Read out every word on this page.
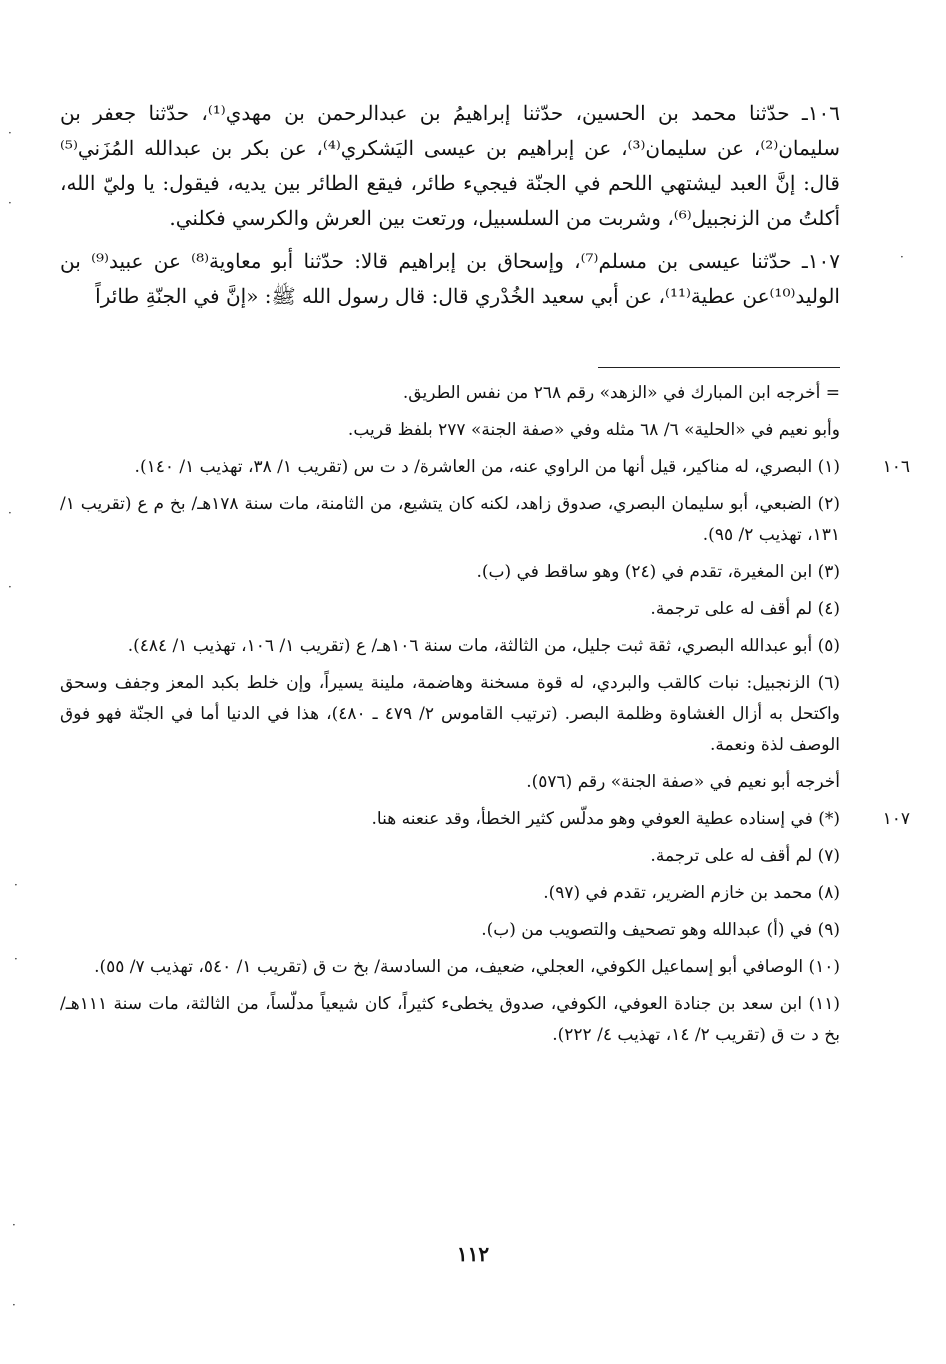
١٠٦ـ حدّثنا محمد بن الحسين، حدّثنا إبراهيمُ بن عبدالرحمن بن مهدي⁽¹⁾، حدّثنا جعفر بن سليمان⁽²⁾، عن سليمان⁽³⁾، عن إبراهيم بن عيسى اليَشكري⁽⁴⁾، عن بكر بن عبدالله المُزَني⁽⁵⁾ قال: إنَّ العبد ليشتهي اللحم في الجنّة فيجيء طائر، فيقع الطائر بين يديه، فيقول: يا وليّ الله، أكلتُ من الزنجبيل⁽⁶⁾، وشربت من السلسبيل، ورتعت بين العرش والكرسي فكلني.

١٠٧ـ حدّثنا عيسى بن مسلم⁽⁷⁾، وإسحاق بن إبراهيم قالا: حدّثنا أبو معاوية⁽⁸⁾ عن عبيد⁽⁹⁾ بن الوليد⁽¹⁰⁾عن عطية⁽¹¹⁾، عن أبي سعيد الخُدْري قال: قال رسول الله ﷺ: «إنَّ في الجنّةِ طائراً

= أخرجه ابن المبارك في «الزهد» رقم ٢٦٨ من نفس الطريق.
وأبو نعيم في «الحلية» ٦/ ٦٨ مثله وفي «صفة الجنة» ٢٧٧ بلفظ قريب.
١٠٦
(١) البصري، له مناكير، قيل أنها من الراوي عنه، من العاشرة/ د ت س (تقريب ١/ ٣٨، تهذيب ١/ ١٤٠).
(٢) الضبعي، أبو سليمان البصري، صدوق زاهد، لكنه كان يتشيع، من الثامنة، مات سنة ١٧٨هـ/ بخ م ع (تقريب ١/ ١٣١، تهذيب ٢/ ٩٥).
(٣) ابن المغيرة، تقدم في (٢٤) وهو ساقط في (ب).
(٤) لم أقف له على ترجمة.
(٥) أبو عبدالله البصري، ثقة ثبت جليل، من الثالثة، مات سنة ١٠٦هـ/ ع (تقريب ١/ ١٠٦، تهذيب ١/ ٤٨٤).
(٦) الزنجبيل: نبات كالقب والبردي، له قوة مسخنة وهاضمة، ملينة يسيراً، وإن خلط بكبد المعز وجفف وسحق واكتحل به أزال الغشاوة وظلمة البصر. (ترتيب القاموس ٢/ ٤٧٩ ـ ٤٨٠)، هذا في الدنيا أما في الجنّة فهو فوق الوصف لذة ونعمة.
أخرجه أبو نعيم في «صفة الجنة» رقم (٥٧٦).
١٠٧
(*) في إسناده عطية العوفي وهو مدلّس كثير الخطأ، وقد عنعنه هنا.
(٧) لم أقف له على ترجمة.
(٨) محمد بن خازم الضرير، تقدم في (٩٧).
(٩) في (أ) عبدالله وهو تصحيف والتصويب من (ب).
(١٠) الوصافي أبو إسماعيل الكوفي، العجلي، ضعيف، من السادسة/ بخ ت ق (تقريب ١/ ٥٤٠، تهذيب ٧/ ٥٥).
(١١) ابن سعد بن جنادة العوفي، الكوفي، صدوق يخطىء كثيراً، كان شيعياً مدلّساً، من الثالثة، مات سنة ١١١هـ/ بخ د ت ق (تقريب ٢/ ١٤، تهذيب ٤/ ٢٢٢).
١١٢
·
·
·
·
·
·
·
·
·
